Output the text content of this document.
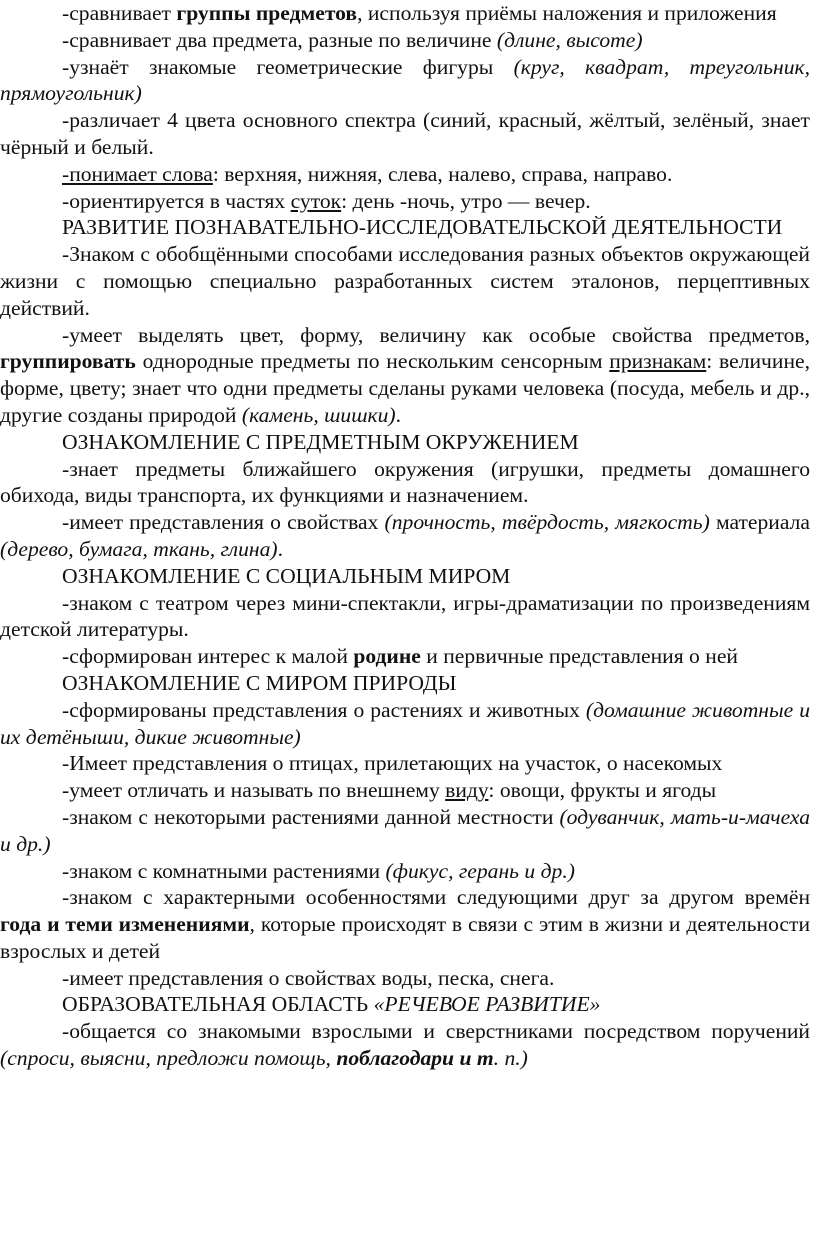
-сравнивает группы предметов, используя приёмы наложения и приложения

-сравнивает два предмета, разные по величине (длине, высоте)

-узнаёт знакомые геометрические фигуры (круг, квадрат, треугольник, прямоугольник)

-различает 4 цвета основного спектра (синий, красный, жёлтый, зелёный, знает чёрный и белый.

-понимает слова: верхняя, нижняя, слева, налево, справа, направо.

-ориентируется в частях суток: день -ночь, утро — вечер.

РАЗВИТИЕ ПОЗНАВАТЕЛЬНО-ИССЛЕДОВАТЕЛЬСКОЙ ДЕЯТЕЛЬНОСТИ

-Знаком с обобщёнными способами исследования разных объектов окружающей жизни с помощью специально разработанных систем эталонов, перцептивных действий.

-умеет выделять цвет, форму, величину как особые свойства предметов, группировать однородные предметы по нескольким сенсорным признакам: величине, форме, цвету; знает что одни предметы сделаны руками человека (посуда, мебель и др., другие созданы природой (камень, шишки).

ОЗНАКОМЛЕНИЕ С ПРЕДМЕТНЫМ ОКРУЖЕНИЕМ

-знает предметы ближайшего окружения (игрушки, предметы домашнего обихода, виды транспорта, их функциями и назначением.

-имеет представления о свойствах (прочность, твёрдость, мягкость) материала (дерево, бумага, ткань, глина).

ОЗНАКОМЛЕНИЕ С СОЦИАЛЬНЫМ МИРОМ

-знаком с театром через мини-спектакли, игры-драматизации по произведениям детской литературы.

-сформирован интерес к малой родине и первичные представления о ней

ОЗНАКОМЛЕНИЕ С МИРОМ ПРИРОДЫ

-сформированы представления о растениях и животных (домашние животные и их детёныши, дикие животные)

-Имеет представления о птицах, прилетающих на участок, о насекомых

-умеет отличать и называть по внешнему виду: овощи, фрукты и ягоды

-знаком с некоторыми растениями данной местности (одуванчик, мать-и-мачеха и др.)

-знаком с комнатными растениями (фикус, герань и др.)

-знаком с характерными особенностями следующими друг за другом времён года и теми изменениями, которые происходят в связи с этим в жизни и деятельности взрослых и детей

-имеет представления о свойствах воды, песка, снега.

ОБРАЗОВАТЕЛЬНАЯ ОБЛАСТЬ «РЕЧЕВОЕ РАЗВИТИЕ»

-общается со знакомыми взрослыми и сверстниками посредством поручений (спроси, выясни, предложи помощь, поблагодари и т. п.)
